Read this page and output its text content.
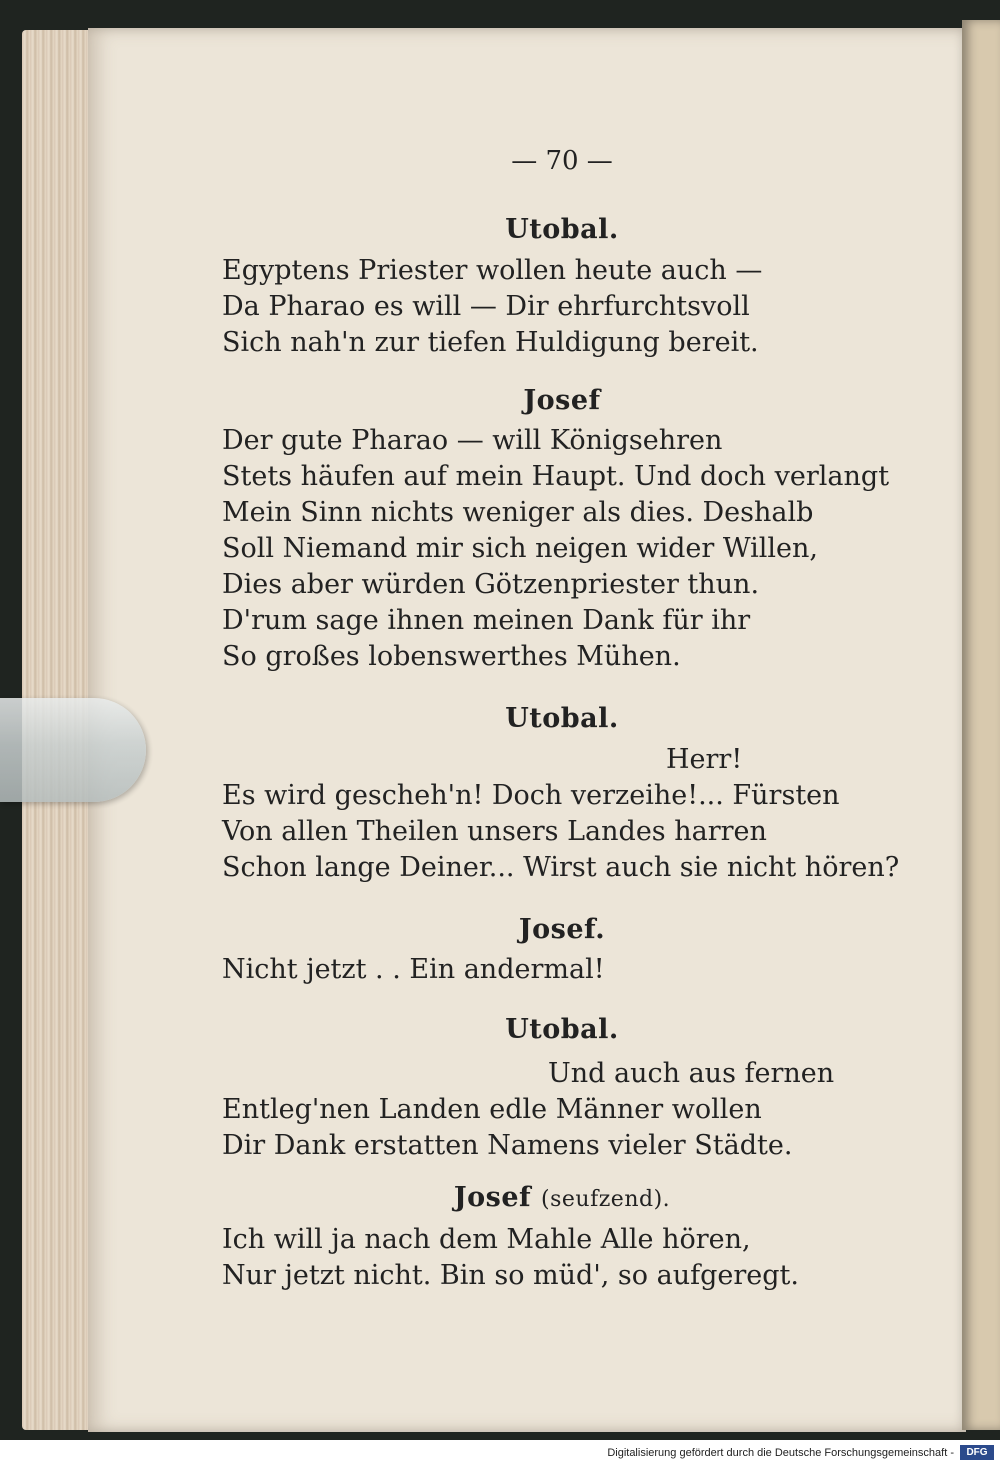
— 70 —
Utobal.
Egyptens Priester wollen heute auch —
Da Pharao es will — Dir ehrfurchtsvoll
Sich nah'n zur tiefen Huldigung bereit.
Josef
Der gute Pharao — will Königsehren
Stets häufen auf mein Haupt. Und doch verlangt
Mein Sinn nichts weniger als dies. Deshalb
Soll Niemand mir sich neigen wider Willen,
Dies aber würden Götzenpriester thun.
D'rum sage ihnen meinen Dank für ihr
So großes lobenswerthes Mühen.
Utobal.
Herr!
Es wird gescheh'n! Doch verzeihe!... Fürsten
Von allen Theilen unsers Landes harren
Schon lange Deiner... Wirst auch sie nicht hören?
Josef.
Nicht jetzt . . Ein andermal!
Utobal.
Und auch aus fernen
Entleg'nen Landen edle Männer wollen
Dir Dank erstatten Namens vieler Städte.
Josef (seufzend).
Ich will ja nach dem Mahle Alle hören,
Nur jetzt nicht. Bin so müd', so aufgeregt.
Digitalisierung gefördert durch die Deutsche Forschungsgemeinschaft -	DFG
